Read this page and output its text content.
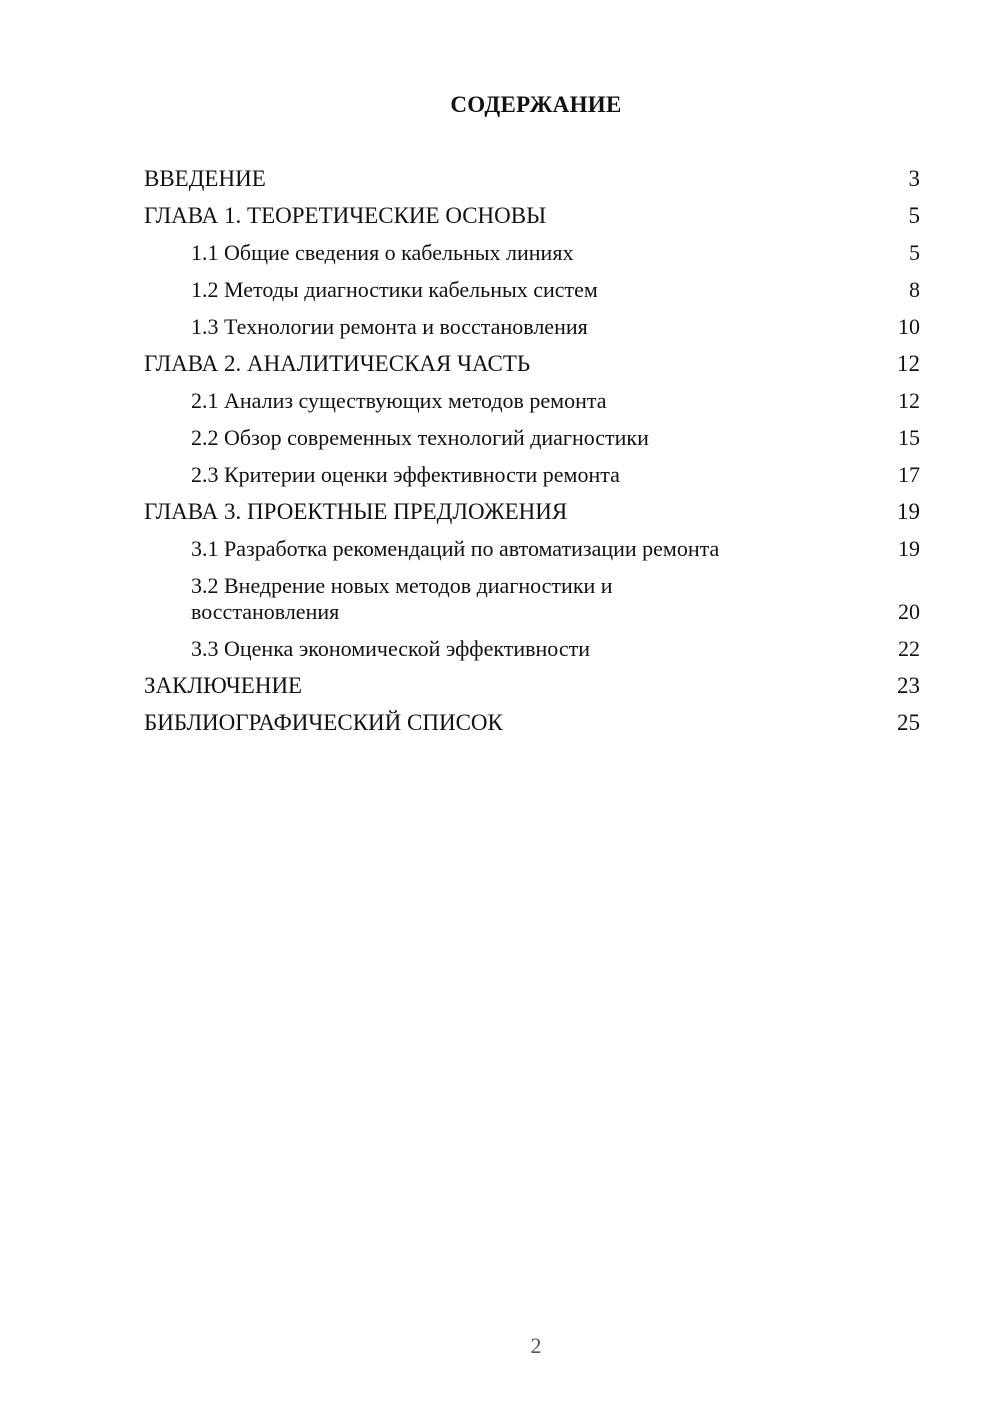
СОДЕРЖАНИЕ
ВВЕДЕНИЕ	3
ГЛАВА 1. ТЕОРЕТИЧЕСКИЕ ОСНОВЫ	5
1.1 Общие сведения о кабельных линиях	5
1.2 Методы диагностики кабельных систем	8
1.3 Технологии ремонта и восстановления	10
ГЛАВА 2. АНАЛИТИЧЕСКАЯ ЧАСТЬ	12
2.1 Анализ существующих методов ремонта	12
2.2 Обзор современных технологий диагностики	15
2.3 Критерии оценки эффективности ремонта	17
ГЛАВА 3. ПРОЕКТНЫЕ ПРЕДЛОЖЕНИЯ	19
3.1 Разработка рекомендаций по автоматизации ремонта	19
3.2 Внедрение новых методов диагностики и восстановления	20
3.3 Оценка экономической эффективности	22
ЗАКЛЮЧЕНИЕ	23
БИБЛИОГРАФИЧЕСКИЙ СПИСОК	25
2
